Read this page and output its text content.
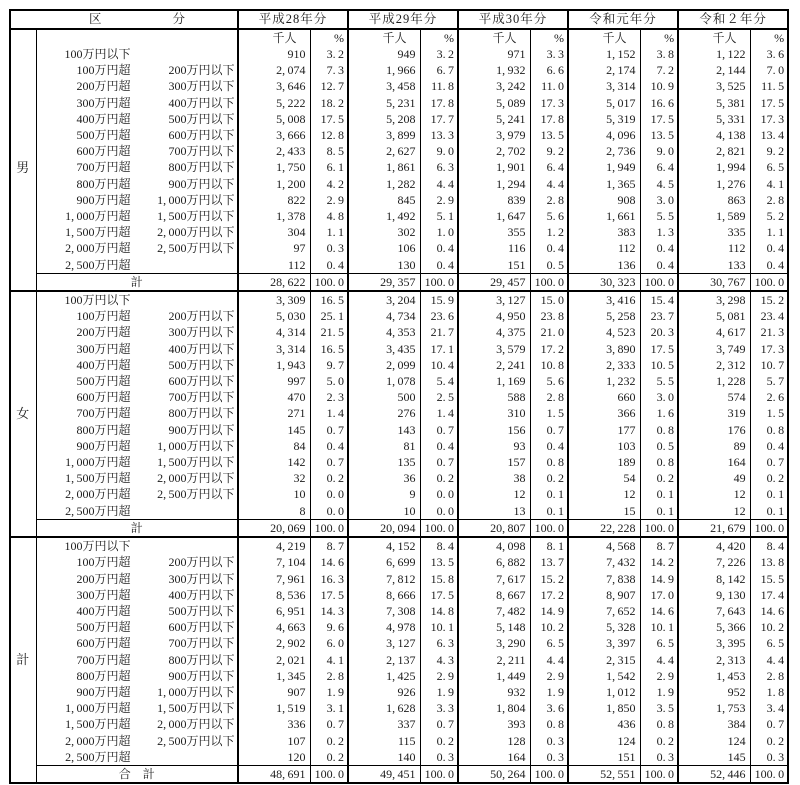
区 分		平成28年分		平成29年分		平成30年分		令和元年分		令和２年分	
		千人	%	千人	%	千人	%	千人	%	千人	%
男	100万円以下	910	3. 2	949	3. 2	971	3. 3	1, 152	3. 8	1, 122	3. 6
	100万円超 200万円以下	2, 074	7. 3	1, 966	6. 7	1, 932	6. 6	2, 174	7. 2	2, 144	7. 0
	200万円超 300万円以下	3, 646	12. 7	3, 458	11. 8	3, 242	11. 0	3, 314	10. 9	3, 525	11. 5
	300万円超 400万円以下	5, 222	18. 2	5, 231	17. 8	5, 089	17. 3	5, 017	16. 6	5, 381	17. 5
	400万円超 500万円以下	5, 008	17. 5	5, 208	17. 7	5, 241	17. 8	5, 319	17. 5	5, 331	17. 3
	500万円超 600万円以下	3, 666	12. 8	3, 899	13. 3	3, 979	13. 5	4, 096	13. 5	4, 138	13. 4
	600万円超 700万円以下	2, 433	8. 5	2, 627	9. 0	2, 702	9. 2	2, 736	9. 0	2, 821	9. 2
	700万円超 800万円以下	1, 750	6. 1	1, 861	6. 3	1, 901	6. 4	1, 949	6. 4	1, 994	6. 5
	800万円超 900万円以下	1, 200	4. 2	1, 282	4. 4	1, 294	4. 4	1, 365	4. 5	1, 276	4. 1
	900万円超 1, 000万円以下	822	2. 9	845	2. 9	839	2. 8	908	3. 0	863	2. 8
	1, 000万円超 1, 500万円以下	1, 378	4. 8	1, 492	5. 1	1, 647	5. 6	1, 661	5. 5	1, 589	5. 2
	1, 500万円超 2, 000万円以下	304	1. 1	302	1. 0	355	1. 2	383	1. 3	335	1. 1
	2, 000万円超 2, 500万円以下	97	0. 3	106	0. 4	116	0. 4	112	0. 4	112	0. 4
	2, 500万円超	112	0. 4	130	0. 4	151	0. 5	136	0. 4	133	0. 4
	計	28, 622	100. 0	29, 357	100. 0	29, 457	100. 0	30, 323	100. 0	30, 767	100. 0
女	100万円以下	3, 309	16. 5	3, 204	15. 9	3, 127	15. 0	3, 416	15. 4	3, 298	15. 2
	100万円超 200万円以下	5, 030	25. 1	4, 734	23. 6	4, 950	23. 8	5, 258	23. 7	5, 081	23. 4
	200万円超 300万円以下	4, 314	21. 5	4, 353	21. 7	4, 375	21. 0	4, 523	20. 3	4, 617	21. 3
	300万円超 400万円以下	3, 314	16. 5	3, 435	17. 1	3, 579	17. 2	3, 890	17. 5	3, 749	17. 3
	400万円超 500万円以下	1, 943	9. 7	2, 099	10. 4	2, 241	10. 8	2, 333	10. 5	2, 312	10. 7
	500万円超 600万円以下	997	5. 0	1, 078	5. 4	1, 169	5. 6	1, 232	5. 5	1, 228	5. 7
	600万円超 700万円以下	470	2. 3	500	2. 5	588	2. 8	660	3. 0	574	2. 6
	700万円超 800万円以下	271	1. 4	276	1. 4	310	1. 5	366	1. 6	319	1. 5
	800万円超 900万円以下	145	0. 7	143	0. 7	156	0. 7	177	0. 8	176	0. 8
	900万円超 1, 000万円以下	84	0. 4	81	0. 4	93	0. 4	103	0. 5	89	0. 4
	1, 000万円超 1, 500万円以下	142	0. 7	135	0. 7	157	0. 8	189	0. 8	164	0. 7
	1, 500万円超 2, 000万円以下	32	0. 2	36	0. 2	38	0. 2	54	0. 2	49	0. 2
	2, 000万円超 2, 500万円以下	10	0. 0	9	0. 0	12	0. 1	12	0. 1	12	0. 1
	2, 500万円超	8	0. 0	10	0. 0	13	0. 1	15	0. 1	12	0. 1
	計	20, 069	100. 0	20, 094	100. 0	20, 807	100. 0	22, 228	100. 0	21, 679	100. 0
計	100万円以下	4, 219	8. 7	4, 152	8. 4	4, 098	8. 1	4, 568	8. 7	4, 420	8. 4
	100万円超 200万円以下	7, 104	14. 6	6, 699	13. 5	6, 882	13. 7	7, 432	14. 2	7, 226	13. 8
	200万円超 300万円以下	7, 961	16. 3	7, 812	15. 8	7, 617	15. 2	7, 838	14. 9	8, 142	15. 5
	300万円超 400万円以下	8, 536	17. 5	8, 666	17. 5	8, 667	17. 2	8, 907	17. 0	9, 130	17. 4
	400万円超 500万円以下	6, 951	14. 3	7, 308	14. 8	7, 482	14. 9	7, 652	14. 6	7, 643	14. 6
	500万円超 600万円以下	4, 663	9. 6	4, 978	10. 1	5, 148	10. 2	5, 328	10. 1	5, 366	10. 2
	600万円超 700万円以下	2, 902	6. 0	3, 127	6. 3	3, 290	6. 5	3, 397	6. 5	3, 395	6. 5
	700万円超 800万円以下	2, 021	4. 1	2, 137	4. 3	2, 211	4. 4	2, 315	4. 4	2, 313	4. 4
	800万円超 900万円以下	1, 345	2. 8	1, 425	2. 9	1, 449	2. 9	1, 542	2. 9	1, 453	2. 8
	900万円超 1, 000万円以下	907	1. 9	926	1. 9	932	1. 9	1, 012	1. 9	952	1. 8
	1, 000万円超 1, 500万円以下	1, 519	3. 1	1, 628	3. 3	1, 804	3. 6	1, 850	3. 5	1, 753	3. 4
	1, 500万円超 2, 000万円以下	336	0. 7	337	0. 7	393	0. 8	436	0. 8	384	0. 7
	2, 000万円超 2, 500万円以下	107	0. 2	115	0. 2	128	0. 3	124	0. 2	124	0. 2
	2, 500万円超	120	0. 2	140	0. 3	164	0. 3	151	0. 3	145	0. 3
	合　計	48, 691	100. 0	49, 451	100. 0	50, 264	100. 0	52, 551	100. 0	52, 446	100. 0
